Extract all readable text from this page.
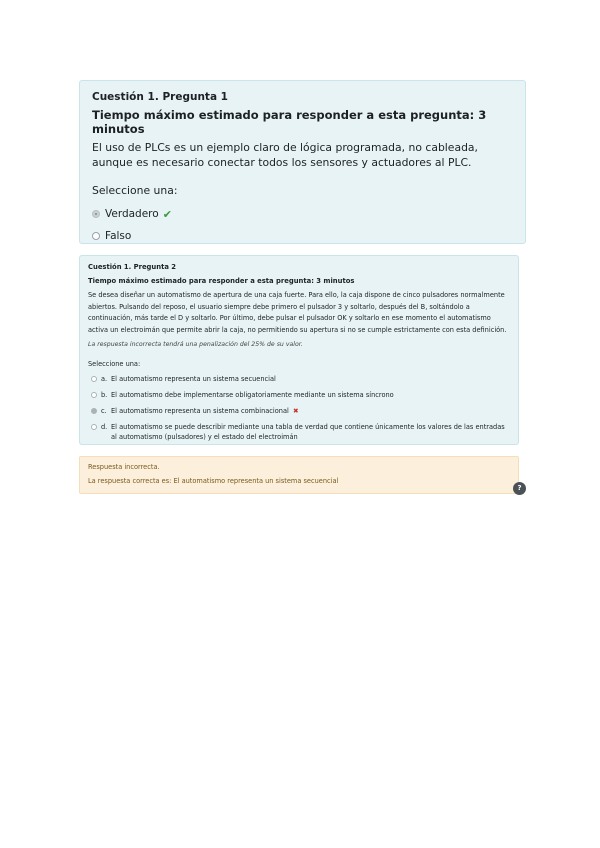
Cuestión 1. Pregunta 1
Tiempo máximo estimado para responder a esta pregunta: 3 minutos
El uso de PLCs es un ejemplo claro de lógica programada, no cableada, aunque es necesario conectar todos los sensores y actuadores al PLC.
Seleccione una:
Verdadero ✔
Falso
Cuestión 1. Pregunta 2
Tiempo máximo estimado para responder a esta pregunta: 3 minutos
Se desea diseñar un automatismo de apertura de una caja fuerte. Para ello, la caja dispone de cinco pulsadores normalmente abiertos. Pulsando del reposo, el usuario siempre debe primero el pulsador 3 y soltarlo, después del B, soltándolo a continuación, más tarde el D y soltarlo. Por último, debe pulsar el pulsador OK y soltarlo en ese momento el automatismo activa un electroimán que permite abrir la caja, no permitiendo su apertura si no se cumple estrictamente con esta definición.
La respuesta incorrecta tendrá una penalización del 25% de su valor.
Seleccione una:
a. El automatismo representa un sistema secuencial
b. El automatismo debe implementarse obligatoriamente mediante un sistema síncrono
c. El automatismo representa un sistema combinacional ✖
d. El automatismo se puede describir mediante una tabla de verdad que contiene únicamente los valores de las entradas al automatismo (pulsadores) y el estado del electroimán
Respuesta incorrecta.
La respuesta correcta es: El automatismo representa un sistema secuencial
?
